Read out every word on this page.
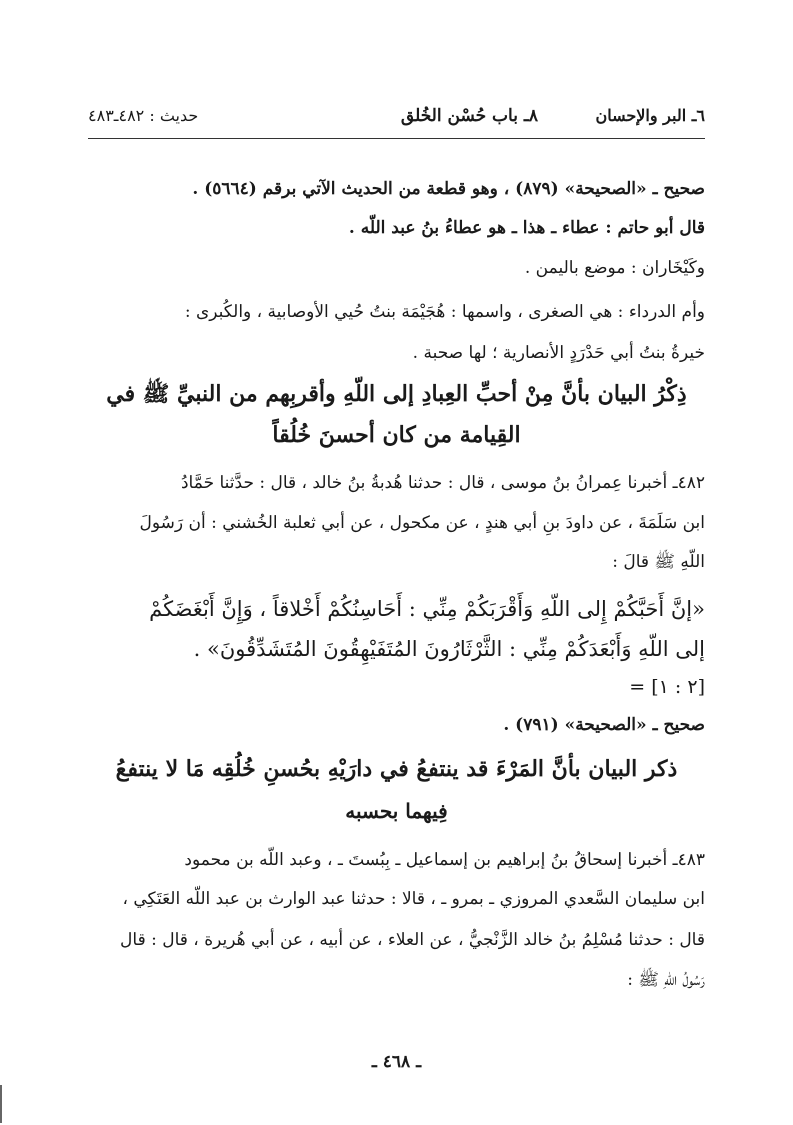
٦ـ البر والإحسان
٨ـ باب حُسْن الخُلق
حديث : ٤٨٢ـ٤٨٣
صحيح ـ «الصحيحة» (٨٧٩) ، وهو قطعة من الحديث الآتي برقم (٥٦٦٤) .
قال أبو حاتم : عطاء ـ هذا ـ هو عطاءُ بنُ عبد اللّه .
وكَيْخَاران : موضع باليمن .
وأم الدرداء : هي الصغرى ، واسمها : هُجَيْمَة بنتُ حُيي الأوصابية ، والكُبرى :
خيرةُ بنتُ أبي حَدْرَدٍ الأنصارية ؛ لها صحبة .
ذِكْرُ البيان بأنَّ مِنْ أحبِّ العِبادِ إلى اللّهِ وأقربِهم من النبيِّ ﷺ في
القِيامة من كان أحسنَ خُلُقاً
٤٨٢ـ أخبرنا عِمرانُ بنُ موسى ، قال : حدثنا هُدبةُ بنُ خالد ، قال : حدَّثنا حَمَّادُ
ابن سَلَمَةَ ، عن داودَ بنِ أبي هندٍ ، عن مكحول ، عن أبي ثعلبة الخُشني : أن رَسُولَ
اللّهِ ﷺ قالَ :
«إنَّ أَحَبَّكُمْ إِلى اللّهِ وَأَقْرَبَكُمْ مِنِّي : أَحَاسِنُكُمْ أَخْلاقاً ، وَإِنَّ أَبْغَضَكُمْ
إلى اللّهِ وَأَبْعَدَكُمْ مِنِّي : الثَّرْثَارُونَ المُتَفَيْهِقُونَ المُتَشَدِّقُونَ» .
[٢ : ١] =
صحيح ـ «الصحيحة» (٧٩١) .
ذكر البيان بأنَّ المَرْءَ قد ينتفعُ في دارَيْهِ بحُسنِ خُلُقِه مَا لا ينتفعُ
فِيهما بحسبه
٤٨٣ـ أخبرنا إسحاقُ بنُ إبراهيم بن إسماعيل ـ بِبُستَ ـ ، وعبد اللّه بن محمود
ابن سليمان السَّعدي المروزي ـ بمرو ـ ، قالا : حدثنا عبد الوارث بن عبد اللّه العَتَكِي ،
قال : حدثنا مُسْلِمُ بنُ خالد الزَّنْجيُّ ، عن العلاء ، عن أبيه ، عن أبي هُريرة ، قال : قال
رَسُولُ اللّهِ ﷺ :
ـ ٤٦٨ ـ
